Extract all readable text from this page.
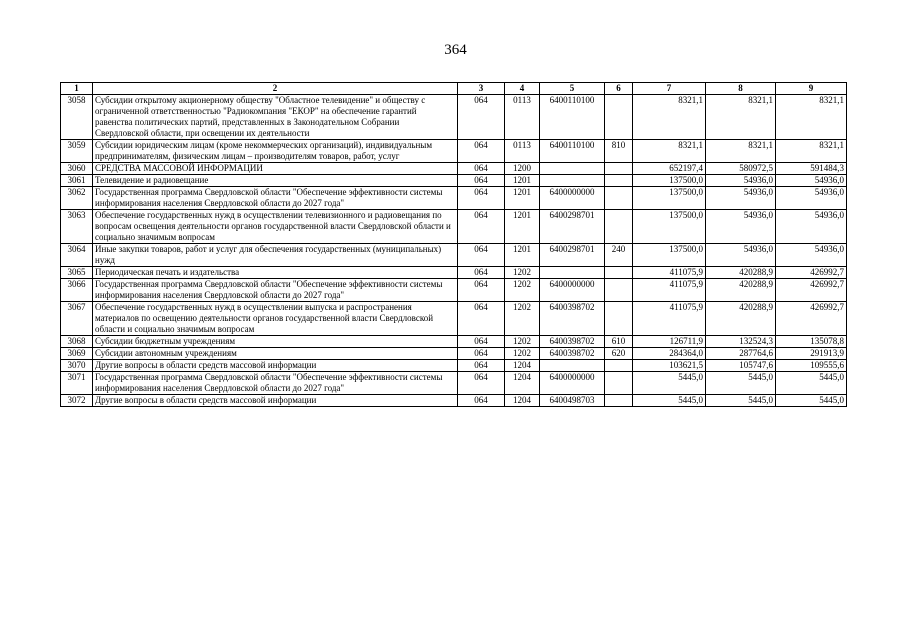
364
1	2	3	4	5	6	7	8	9
3058	Субсидии открытому акционерному обществу "Областное телевидение" и обществу с ограниченной ответственностью "Радиокомпания "ЕКОР" на обеспечение гарантий равенства политических партий, представленных в Законодательном Собрании Свердловской области, при освещении их деятельности	064	0113	6400110100		8321,1	8321,1	8321,1
3059	Субсидии юридическим лицам (кроме некоммерческих организаций), индивидуальным предпринимателям, физическим лицам – производителям товаров, работ, услуг	064	0113	6400110100	810	8321,1	8321,1	8321,1
3060	СРЕДСТВА МАССОВОЙ ИНФОРМАЦИИ	064	1200			652197,4	580972,5	591484,3
3061	Телевидение и радиовещание	064	1201			137500,0	54936,0	54936,0
3062	Государственная программа Свердловской области "Обеспечение эффективности системы информирования населения Свердловской области до 2027 года"	064	1201	6400000000		137500,0	54936,0	54936,0
3063	Обеспечение государственных нужд в осуществлении телевизионного и радиовещания по вопросам освещения деятельности органов государственной власти Свердловской области и социально значимым вопросам	064	1201	6400298701		137500,0	54936,0	54936,0
3064	Иные закупки товаров, работ и услуг для обеспечения государственных (муниципальных) нужд	064	1201	6400298701	240	137500,0	54936,0	54936,0
3065	Периодическая печать и издательства	064	1202			411075,9	420288,9	426992,7
3066	Государственная программа Свердловской области "Обеспечение эффективности системы информирования населения Свердловской области до 2027 года"	064	1202	6400000000		411075,9	420288,9	426992,7
3067	Обеспечение государственных нужд в осуществлении выпуска и распространения материалов по освещению деятельности органов государственной власти Свердловской области и социально значимым вопросам	064	1202	6400398702		411075,9	420288,9	426992,7
3068	Субсидии бюджетным учреждениям	064	1202	6400398702	610	126711,9	132524,3	135078,8
3069	Субсидии автономным учреждениям	064	1202	6400398702	620	284364,0	287764,6	291913,9
3070	Другие вопросы в области средств массовой информации	064	1204			103621,5	105747,6	109555,6
3071	Государственная программа Свердловской области "Обеспечение эффективности системы информирования населения Свердловской области до 2027 года"	064	1204	6400000000		5445,0	5445,0	5445,0
3072	Другие вопросы в области средств массовой информации	064	1204	6400498703		5445,0	5445,0	5445,0
